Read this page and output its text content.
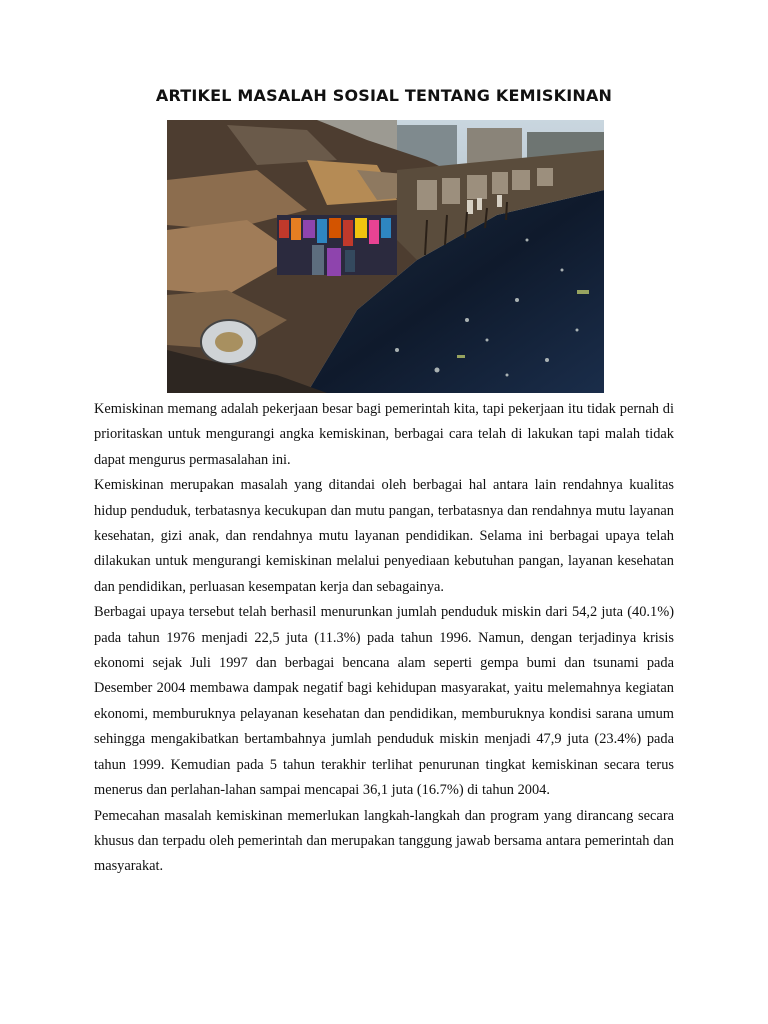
ARTIKEL MASALAH SOSIAL TENTANG KEMISKINAN

Kemiskinan memang adalah pekerjaan besar bagi pemerintah kita, tapi pekerjaan itu tidak pernah di prioritaskan untuk mengurangi angka kemiskinan, berbagai cara telah di lakukan tapi malah tidak dapat mengurus permasalahan ini.

Kemiskinan merupakan masalah yang ditandai oleh berbagai hal antara lain rendahnya kualitas hidup penduduk, terbatasnya kecukupan dan mutu pangan, terbatasnya dan rendahnya mutu layanan kesehatan, gizi anak, dan rendahnya mutu layanan pendidikan. Selama ini berbagai upaya telah dilakukan untuk mengurangi kemiskinan melalui penyediaan kebutuhan pangan, layanan kesehatan dan pendidikan, perluasan kesempatan kerja dan sebagainya.

Berbagai upaya tersebut telah berhasil menurunkan jumlah penduduk miskin dari 54,2 juta (40.1%) pada tahun 1976 menjadi 22,5 juta (11.3%) pada tahun 1996. Namun, dengan terjadinya krisis ekonomi sejak Juli 1997 dan berbagai bencana alam seperti gempa bumi dan tsunami pada Desember 2004 membawa dampak negatif bagi kehidupan masyarakat, yaitu melemahnya kegiatan ekonomi, memburuknya pelayanan kesehatan dan pendidikan, memburuknya kondisi sarana umum sehingga mengakibatkan bertambahnya jumlah penduduk miskin menjadi 47,9 juta (23.4%) pada tahun 1999. Kemudian pada 5 tahun terakhir terlihat penurunan tingkat kemiskinan secara terus menerus dan perlahan-lahan sampai mencapai 36,1 juta (16.7%) di tahun 2004.

Pemecahan masalah kemiskinan memerlukan langkah-langkah dan program yang dirancang secara khusus dan terpadu oleh pemerintah dan merupakan tanggung jawab bersama antara pemerintah dan masyarakat.
